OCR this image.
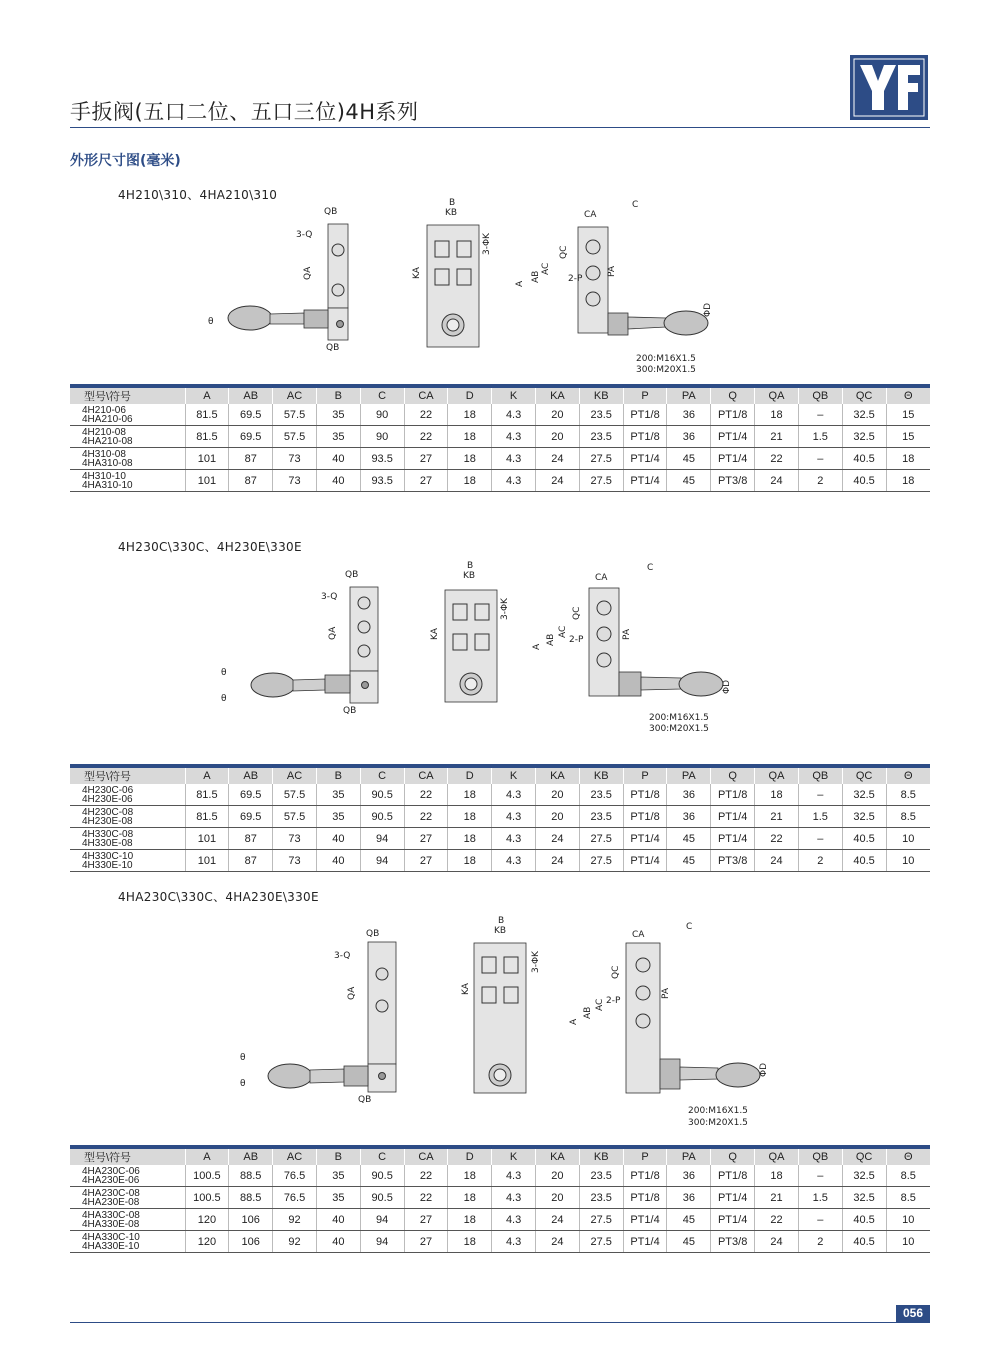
手扳阀(五口二位、五口三位)4H系列
外形尺寸图(毫米)
4H210\310、4HA210\310
QB
3-Q
QA
θ
QB
B
KB
3-ΦK
KA
C
CA
A
AB
AC
QC
2-P
PA
ΦD
200:M16X1.5
300:M20X1.5
型号\符号	A	AB	AC	B	C	CA	D	K	KA	KB	P	PA	Q	QA	QB	QC	Θ

4H210-06
4HA210-06	81.5	69.5	57.5	35	90	22	18	4.3	20	23.5	PT1/8	36	PT1/8	18	–	32.5	15

4H210-08
4HA210-08	81.5	69.5	57.5	35	90	22	18	4.3	20	23.5	PT1/8	36	PT1/4	21	1.5	32.5	15

4H310-08
4HA310-08	101	87	73	40	93.5	27	18	4.3	24	27.5	PT1/4	45	PT1/4	22	–	40.5	18

4H310-10
4HA310-10	101	87	73	40	93.5	27	18	4.3	24	27.5	PT1/4	45	PT3/8	24	2	40.5	18
4H230C\330C、4H230E\330E
QB
3-Q
QA
θ
θ
QB
B
KB
3-ΦK
KA
C
CA
A
AB
AC
QC
2-P	PA
ΦD
200:M16X1.5
300:M20X1.5
型号\符号	A	AB	AC	B	C	CA	D	K	KA	KB	P	PA	Q	QA	QB	QC	Θ

4H230C-06
4H230E-06	81.5	69.5	57.5	35	90.5	22	18	4.3	20	23.5	PT1/8	36	PT1/8	18	–	32.5	8.5

4H230C-08
4H230E-08	81.5	69.5	57.5	35	90.5	22	18	4.3	20	23.5	PT1/8	36	PT1/4	21	1.5	32.5	8.5

4H330C-08
4H330E-08	101	87	73	40	94	27	18	4.3	24	27.5	PT1/4	45	PT1/4	22	–	40.5	10

4H330C-10
4H330E-10	101	87	73	40	94	27	18	4.3	24	27.5	PT1/4	45	PT3/8	24	2	40.5	10
4HA230C\330C、4HA230E\330E
QB
3-Q
QA
θ
θ
QB
B
KB
3-ΦK
KA
C
CA
A
AB
AC
QC
2-P
PA
ΦD
200:M16X1.5
300:M20X1.5
型号\符号	A	AB	AC	B	C	CA	D	K	KA	KB	P	PA	Q	QA	QB	QC	Θ

4HA230C-06
4HA230E-06	100.5	88.5	76.5	35	90.5	22	18	4.3	20	23.5	PT1/8	36	PT1/8	18	–	32.5	8.5

4HA230C-08
4HA230E-08	100.5	88.5	76.5	35	90.5	22	18	4.3	20	23.5	PT1/8	36	PT1/4	21	1.5	32.5	8.5

4HA330C-08
4HA330E-08	120	106	92	40	94	27	18	4.3	24	27.5	PT1/4	45	PT1/4	22	–	40.5	10

4HA330C-10
4HA330E-10	120	106	92	40	94	27	18	4.3	24	27.5	PT1/4	45	PT3/8	24	2	40.5	10
056
